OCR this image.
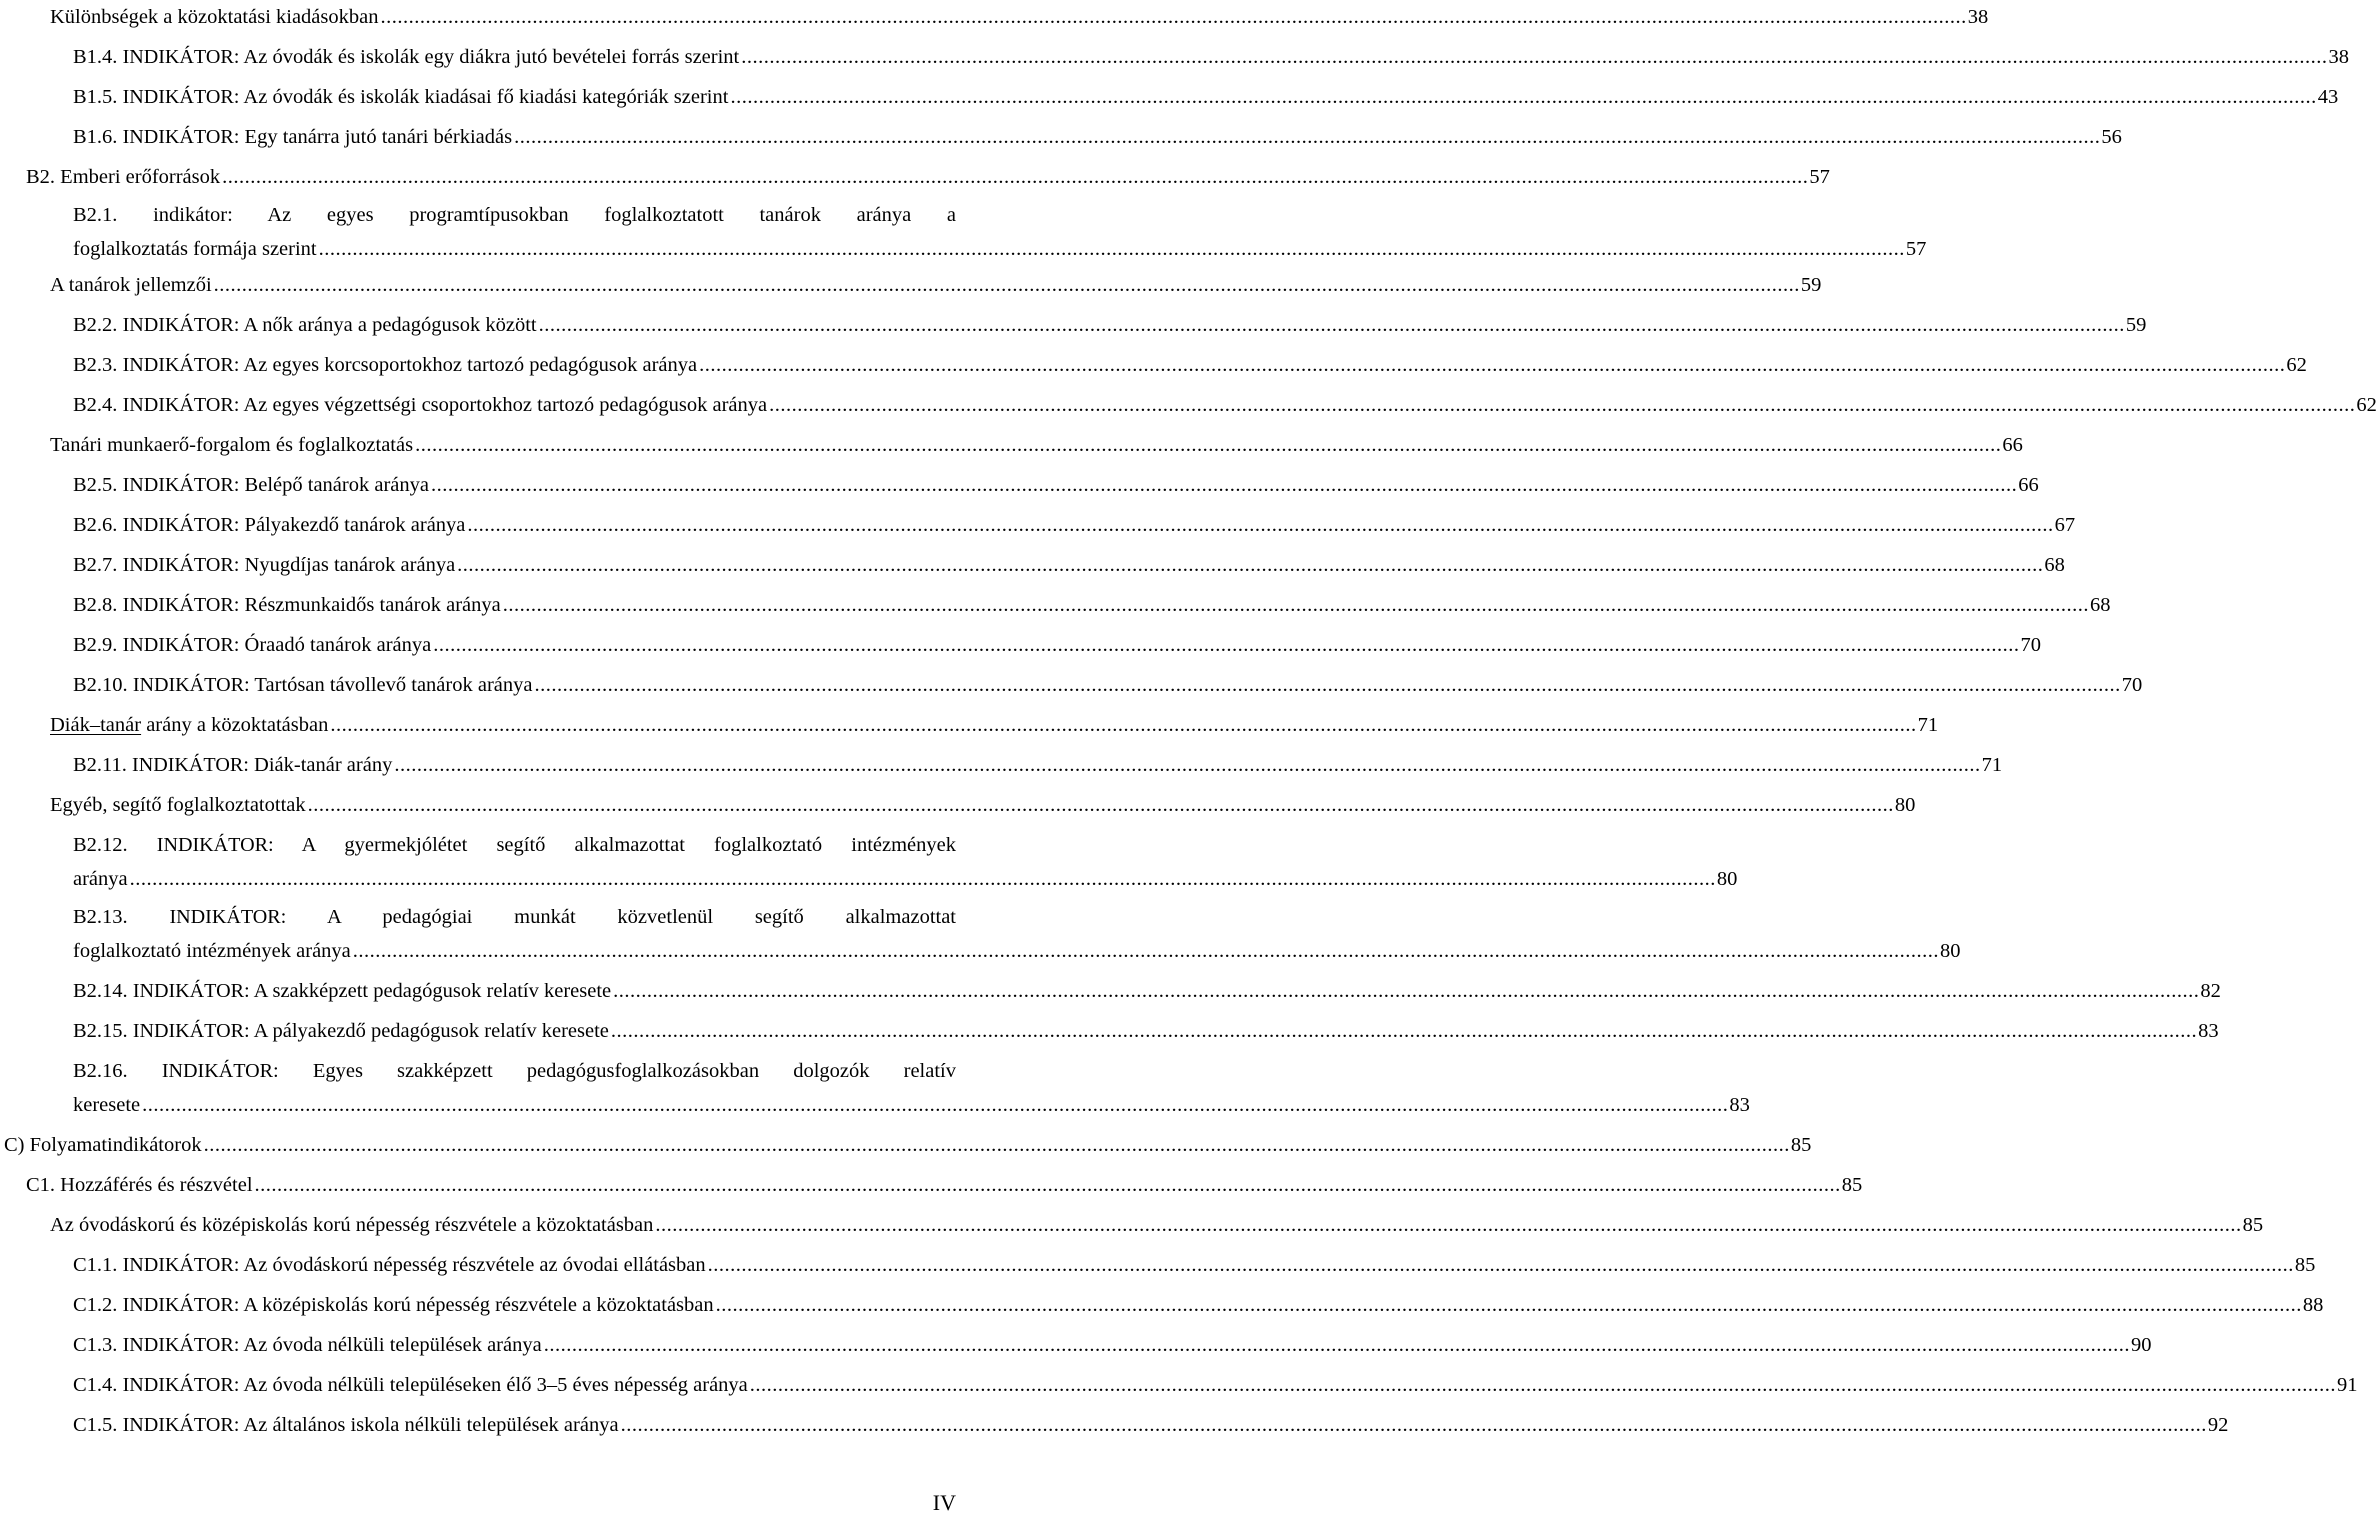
Különbségek a közoktatási kiadásokban .....	38
B1.4. INDIKÁTOR: Az óvodák és iskolák egy diákra jutó bevételei forrás szerint .....	38
B1.5. INDIKÁTOR: Az óvodák és iskolák kiadásai fő kiadási kategóriák szerint .....	43
B1.6. INDIKÁTOR: Egy tanárra jutó tanári bérkiadás .....	56
B2. Emberi erőforrások .....	57
B2.1. indikátor: Az egyes programtípusokban foglalkoztatott tanárok aránya a
foglalkoztatás formája szerint .....	57
A tanárok jellemzői .....	59
B2.2. INDIKÁTOR: A nők aránya a pedagógusok között .....	59
B2.3. INDIKÁTOR: Az egyes korcsoportokhoz tartozó pedagógusok aránya .....	62
B2.4. INDIKÁTOR: Az egyes végzettségi csoportokhoz tartozó pedagógusok aránya .....	62
Tanári munkaerő-forgalom és foglalkoztatás .....	66
B2.5. INDIKÁTOR: Belépő tanárok aránya .....	66
B2.6. INDIKÁTOR: Pályakezdő tanárok aránya .....	67
B2.7. INDIKÁTOR: Nyugdíjas tanárok aránya .....	68
B2.8. INDIKÁTOR: Részmunkaidős tanárok aránya .....	68
B2.9. INDIKÁTOR: Óraadó tanárok aránya .....	70
B2.10. INDIKÁTOR: Tartósan távollevő tanárok aránya .....	70
Diák–tanár arány a közoktatásban .....	71
B2.11. INDIKÁTOR: Diák-tanár arány .....	71
Egyéb, segítő foglalkoztatottak .....	80
B2.12. INDIKÁTOR: A gyermekjólétet segítő alkalmazottat foglalkoztató intézmények
aránya .....	80
B2.13. INDIKÁTOR: A pedagógiai munkát közvetlenül segítő alkalmazottat
foglalkoztató intézmények aránya .....	80
B2.14. INDIKÁTOR: A szakképzett pedagógusok relatív keresete .....	82
B2.15. INDIKÁTOR: A pályakezdő pedagógusok relatív keresete .....	83
B2.16. INDIKÁTOR: Egyes szakképzett pedagógusfoglalkozásokban dolgozók relatív
keresete .....	83
C) Folyamatindikátorok .....	85
C1. Hozzáférés és részvétel .....	85
Az óvodáskorú és középiskolás korú népesség részvétele a közoktatásban .....	85
C1.1. INDIKÁTOR: Az óvodáskorú népesség részvétele az óvodai ellátásban .....	85
C1.2. INDIKÁTOR: A középiskolás korú népesség részvétele a közoktatásban .....	88
C1.3. INDIKÁTOR: Az óvoda nélküli települések aránya .....	90
C1.4. INDIKÁTOR: Az óvoda nélküli településeken élő 3–5 éves népesség aránya .....	91
C1.5. INDIKÁTOR: Az általános iskola nélküli települések aránya .....	92
IV
